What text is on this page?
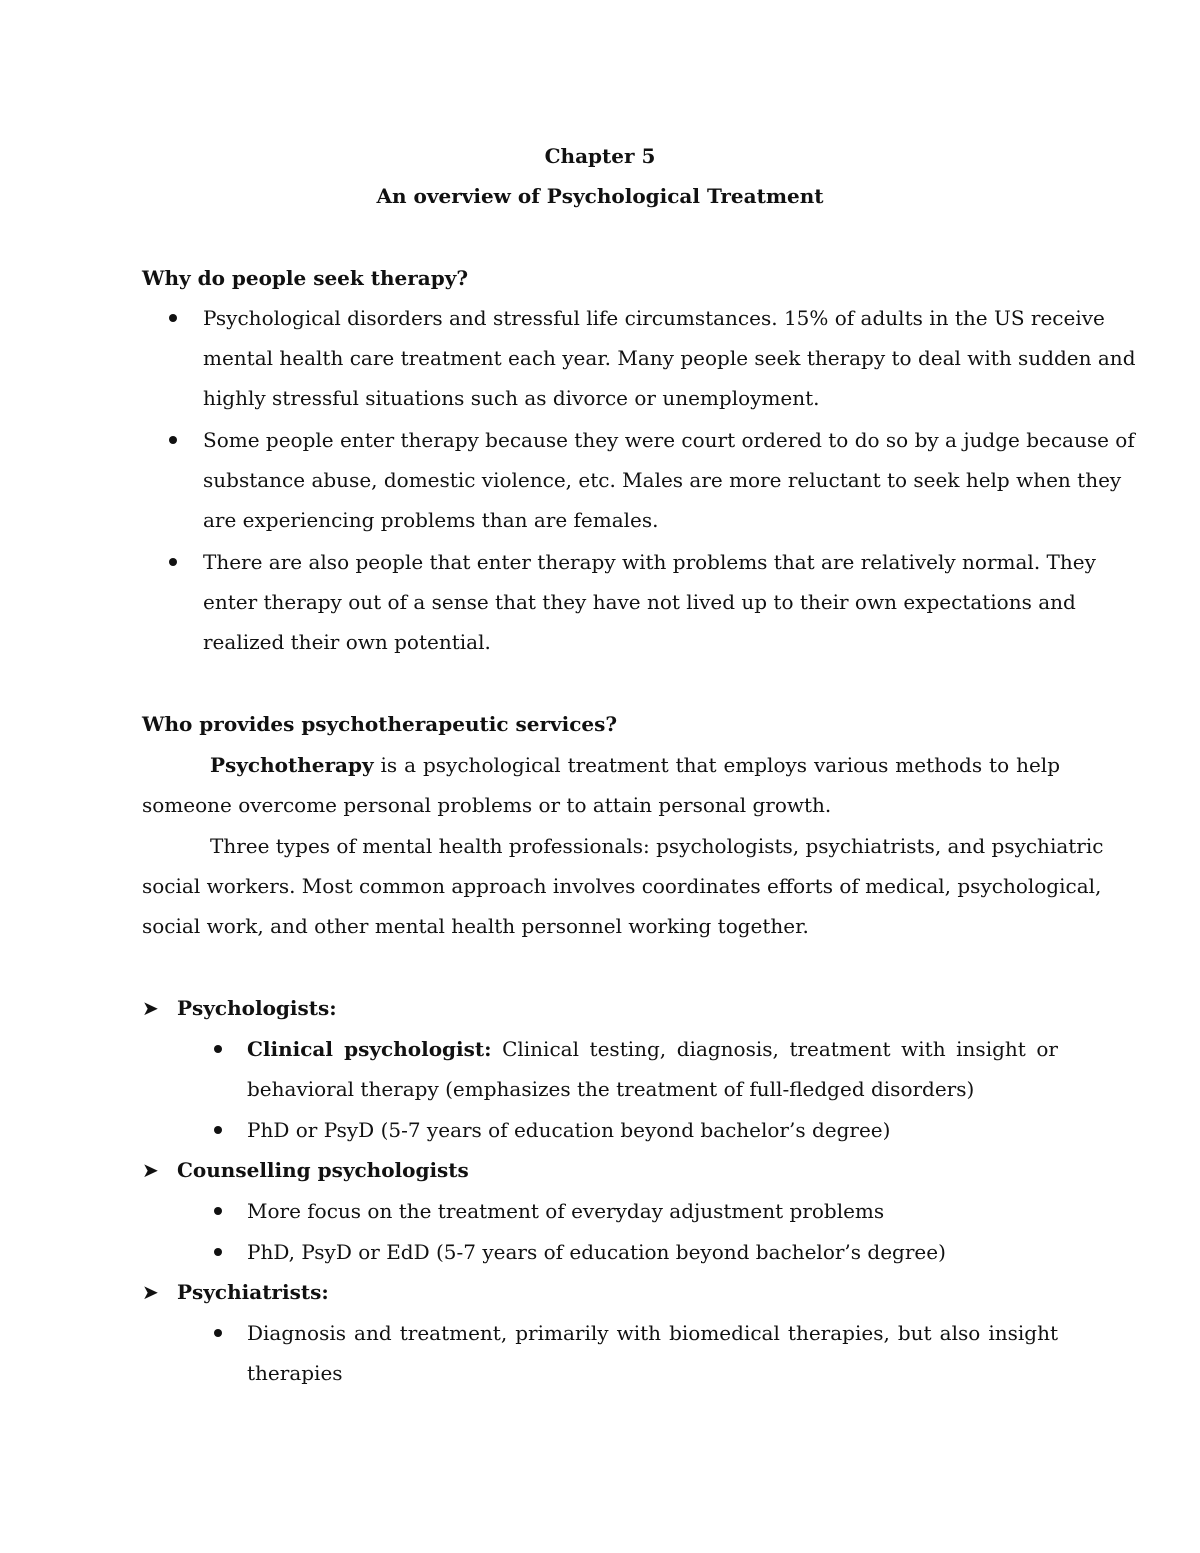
Chapter 5
An overview of Psychological Treatment
Why do people seek therapy?
Psychological disorders and stressful life circumstances. 15% of adults in the US receive
mental health care treatment each year. Many people seek therapy to deal with sudden and
highly stressful situations such as divorce or unemployment.
Some people enter therapy because they were court ordered to do so by a judge because of
substance abuse, domestic violence, etc. Males are more reluctant to seek help when they
are experiencing problems than are females.
There are also people that enter therapy with problems that are relatively normal. They
enter therapy out of a sense that they have not lived up to their own expectations and
realized their own potential.
Who provides psychotherapeutic services?
Psychotherapy is a psychological treatment that employs various methods to help
someone overcome personal problems or to attain personal growth.
Three types of mental health professionals: psychologists, psychiatrists, and psychiatric
social workers. Most common approach involves coordinates efforts of medical, psychological,
social work, and other mental health personnel working together.
➤ Psychologists:
Clinical psychologist: Clinical testing, diagnosis, treatment with insight or
behavioral therapy (emphasizes the treatment of full-fledged disorders)
PhD or PsyD (5-7 years of education beyond bachelor’s degree)
➤ Counselling psychologists
More focus on the treatment of everyday adjustment problems
PhD, PsyD or EdD (5-7 years of education beyond bachelor’s degree)
➤ Psychiatrists:
Diagnosis and treatment, primarily with biomedical therapies, but also insight
therapies
